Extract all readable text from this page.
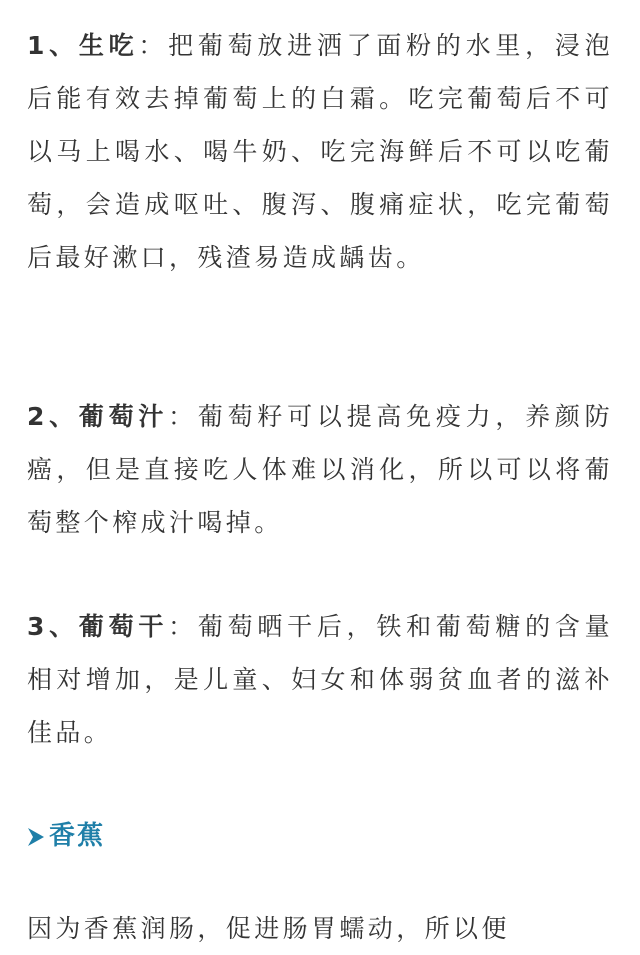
1、生吃：把葡萄放进洒了面粉的水里，浸泡后能有效去掉葡萄上的白霜。吃完葡萄后不可以马上喝水、喝牛奶、吃完海鲜后不可以吃葡萄，会造成呕吐、腹泻、腹痛症状，吃完葡萄后最好漱口，残渣易造成龋齿。

2、葡萄汁：葡萄籽可以提高免疫力，养颜防癌，但是直接吃人体难以消化，所以可以将葡萄整个榨成汁喝掉。

3、葡萄干：葡萄晒干后，铁和葡萄糖的含量相对增加，是儿童、妇女和体弱贫血者的滋补佳品。

香蕉

因为香蕉润肠，促进肠胃蠕动，所以便
